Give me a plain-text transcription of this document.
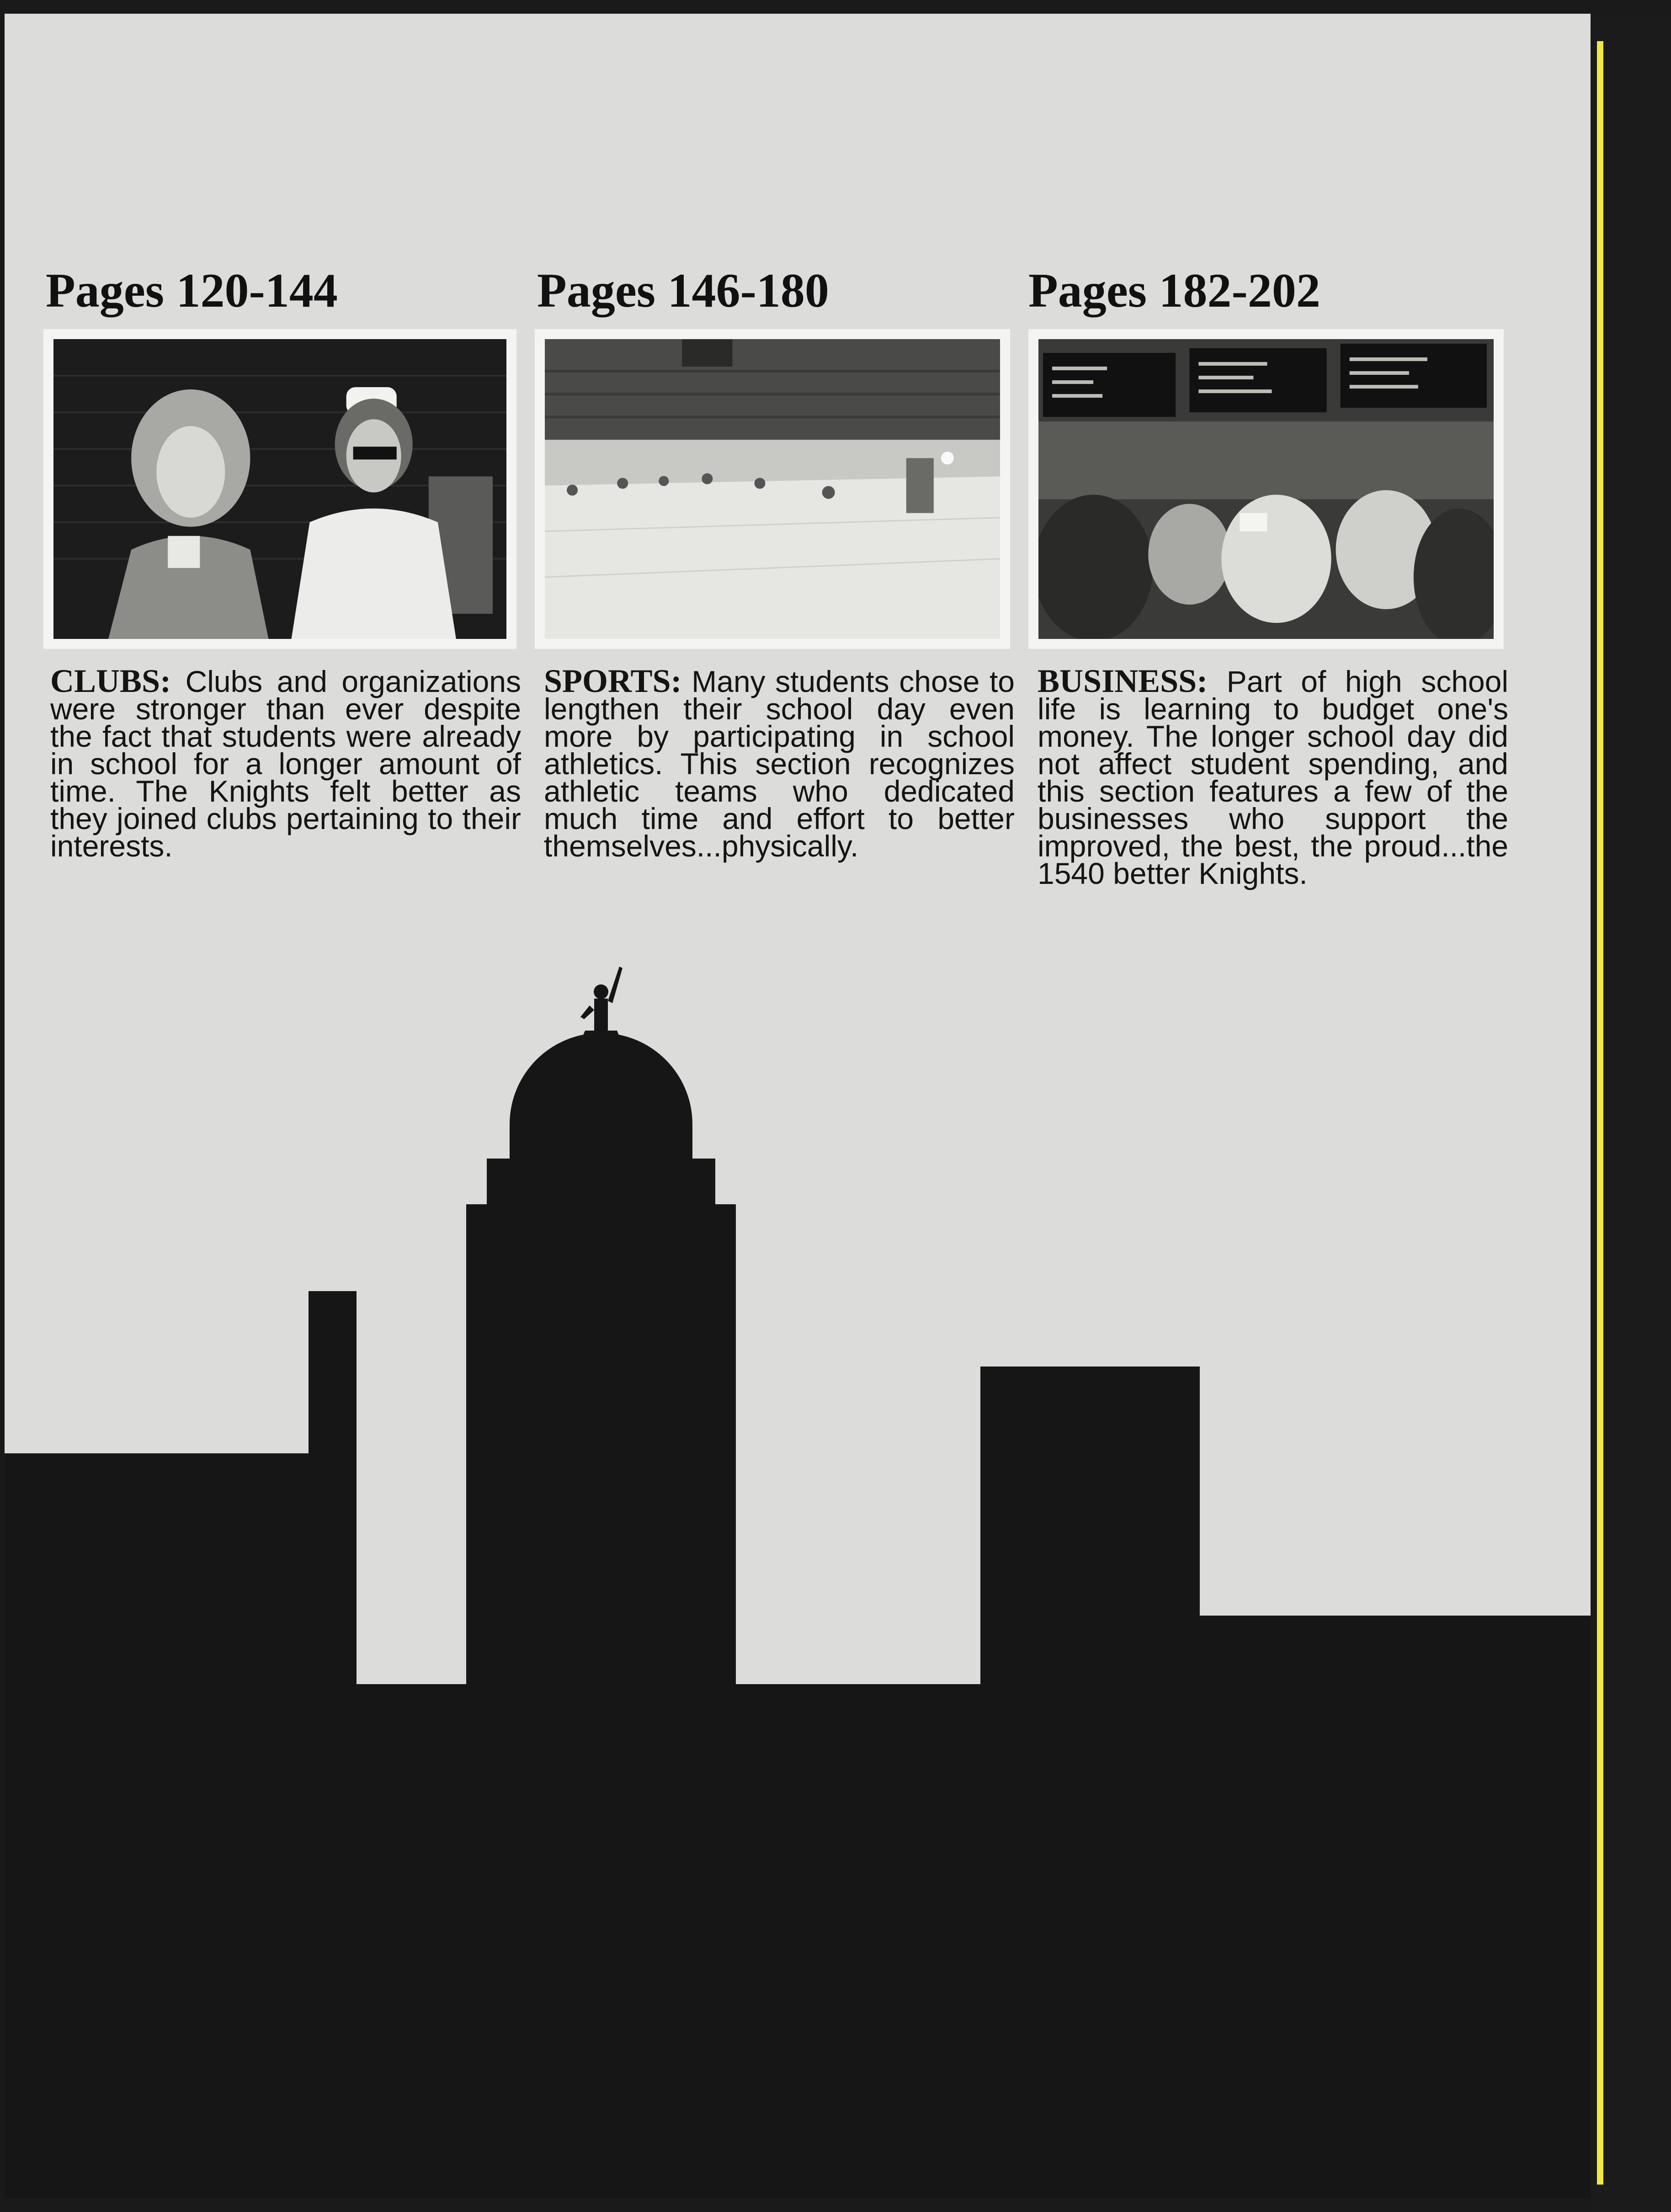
Pages 120-144
CLUBS: Clubs and organizations were stronger than ever despite the fact that students were already in school for a longer amount of time. The Knights felt better as they joined clubs pertaining to their interests.
Pages 146-180
SPORTS: Many students chose to lengthen their school day even more by participating in school athletics. This section recognizes athletic teams who dedicated much time and effort to better themselves...physically.
Pages 182-202
BUSINESS: Part of high school life is learning to budget one's money. The longer school day did not affect student spending, and this section features a few of the businesses who support the improved, the best, the proud...the 1540 better Knights.
